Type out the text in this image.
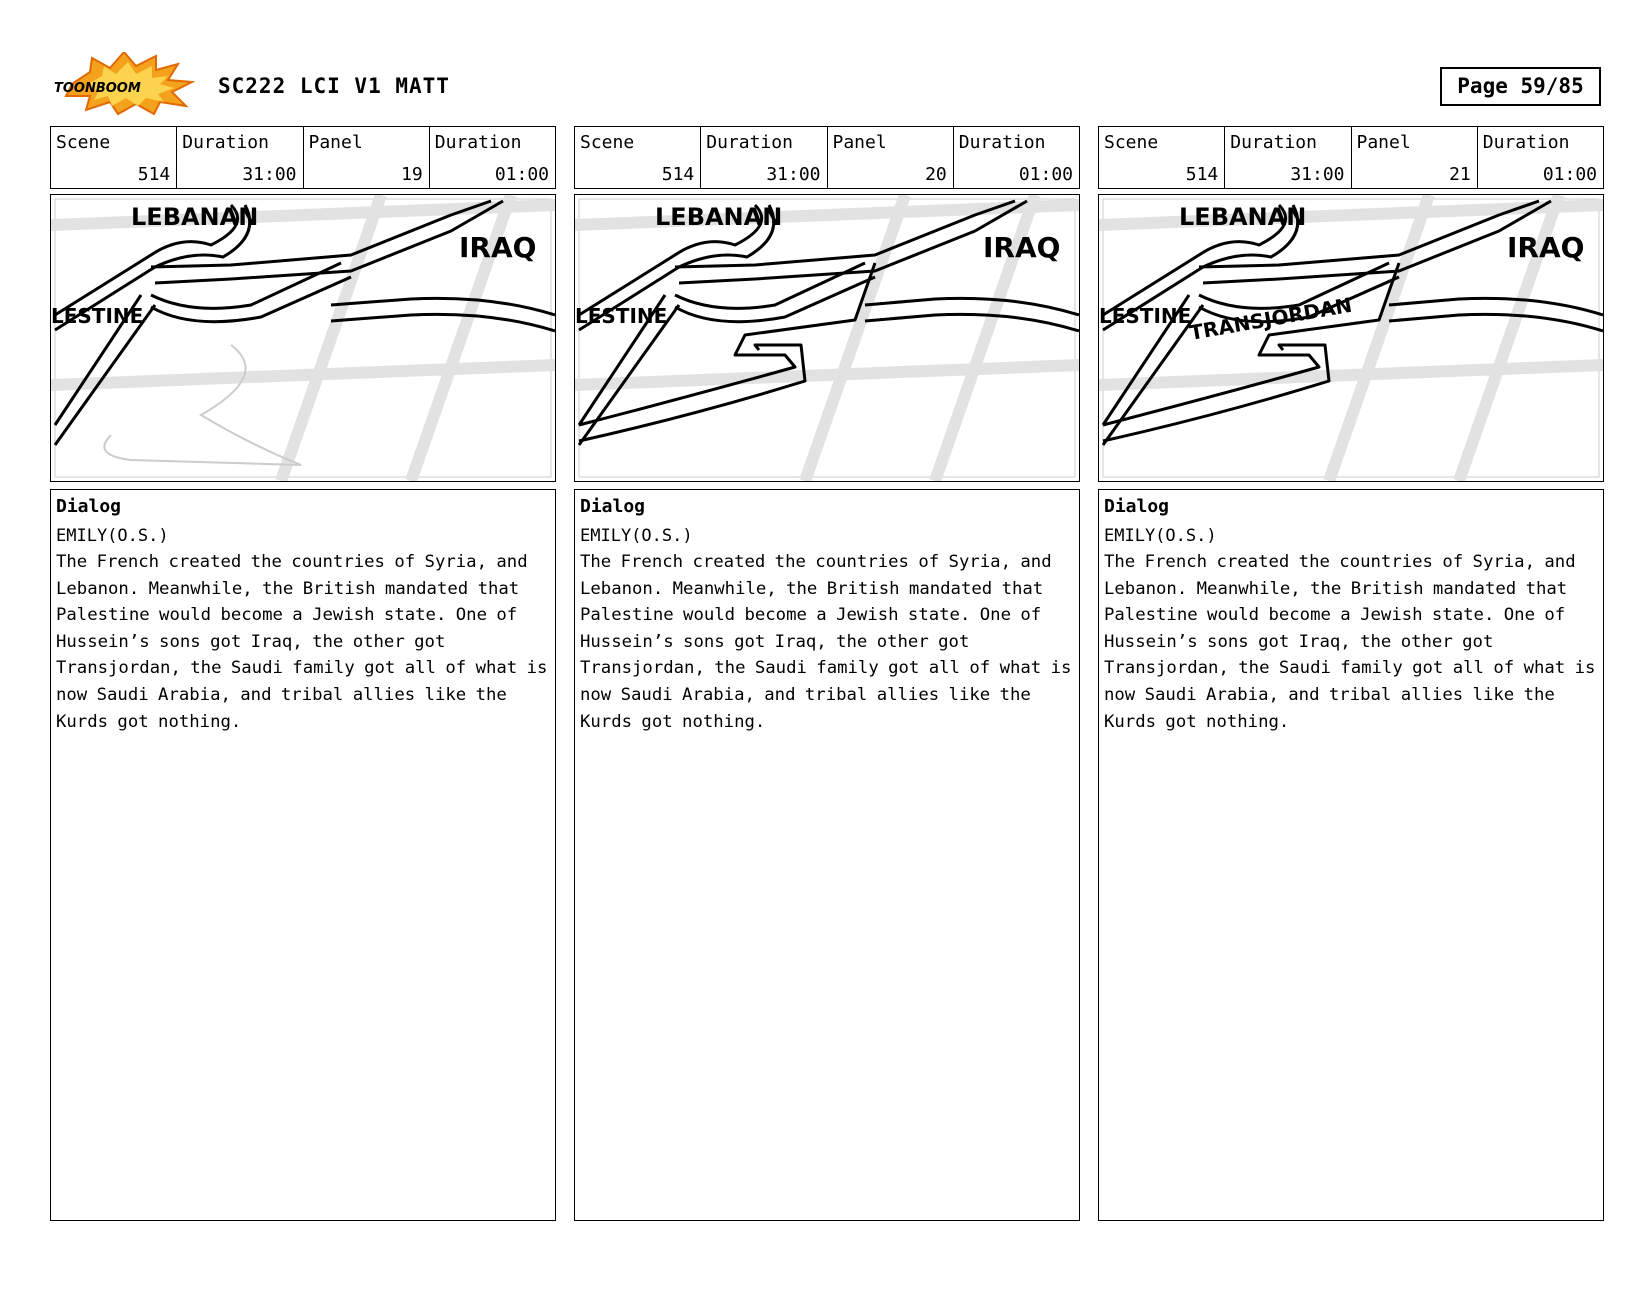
TOONBOOM	SC222 LCI V1 MATT	Page 59/85
Scene
514
Duration
31:00
Panel
19
Duration
01:00
LEBANAN
IRAQ
LESTINE
Dialog
EMILY(O.S.)
The French created the countries of Syria, and Lebanon. Meanwhile, the British mandated that Palestine would become a Jewish state. One of Hussein’s sons got Iraq, the other got Transjordan, the Saudi family got all of what is now Saudi Arabia, and tribal allies like the Kurds got nothing.
Scene
514
Duration
31:00
Panel
20
Duration
01:00
LEBANAN
IRAQ
LESTINE
Dialog
EMILY(O.S.)
The French created the countries of Syria, and Lebanon. Meanwhile, the British mandated that Palestine would become a Jewish state. One of Hussein’s sons got Iraq, the other got Transjordan, the Saudi family got all of what is now Saudi Arabia, and tribal allies like the Kurds got nothing.
Scene
514
Duration
31:00
Panel
21
Duration
01:00
LEBANAN
IRAQ
LESTINE
TRANSJORDAN
Dialog
EMILY(O.S.)
The French created the countries of Syria, and Lebanon. Meanwhile, the British mandated that Palestine would become a Jewish state. One of Hussein’s sons got Iraq, the other got Transjordan, the Saudi family got all of what is now Saudi Arabia, and tribal allies like the Kurds got nothing.
